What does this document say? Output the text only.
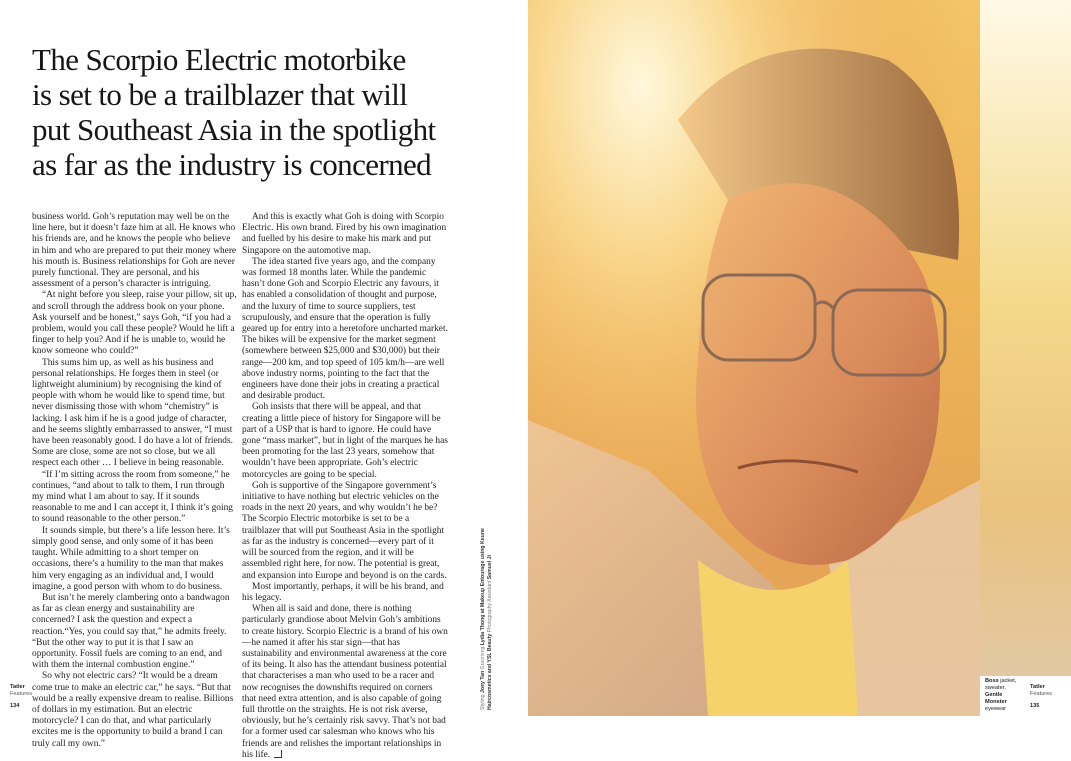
The Scorpio Electric motorbike
is set to be a trailblazer that will
put Southeast Asia in the spotlight
as far as the industry is concerned

business world. Goh’s reputation may well be on the line here, but it doesn’t faze him at all. He knows who his friends are, and he knows the people who believe in him and who are prepared to put their money where his mouth is. Business relationships for Goh are never purely functional. They are personal, and his assessment of a person’s character is intriguing.

“At night before you sleep, raise your pillow, sit up, and scroll through the address book on your phone. Ask yourself and be honest,” says Goh, “if you had a problem, would you call these people? Would he lift a finger to help you? And if he is unable to, would he know someone who could?”

This sums him up, as well as his business and personal relationships. He forges them in steel (or lightweight aluminium) by recognising the kind of people with whom he would like to spend time, but never dismissing those with whom “chemistry” is lacking. I ask him if he is a good judge of character, and he seems slightly embarrassed to answer, “I must have been reasonably good. I do have a lot of friends. Some are close, some are not so close, but we all respect each other … I believe in being reasonable.

“If I’m sitting across the room from someone,” he continues, “and about to talk to them, I run through my mind what I am about to say. If it sounds reasonable to me and I can accept it, I think it’s going to sound reasonable to the other person.”

It sounds simple, but there’s a life lesson here. It’s simply good sense, and only some of it has been taught. While admitting to a short temper on occasions, there’s a humility to the man that makes him very engaging as an individual and, I would imagine, a good person with whom to do business.

But isn’t he merely clambering onto a bandwagon as far as clean energy and sustainability are concerned? I ask the question and expect a reaction.“Yes, you could say that,” he admits freely. “But the other way to put it is that I saw an opportunity. Fossil fuels are coming to an end, and with them the internal combustion engine.”

So why not electric cars? “It would be a dream come true to make an electric car,” he says. “But that would be a really expensive dream to realise. Billions of dollars in my estimation. But an electric motorcycle? I can do that, and what particularly excites me is the opportunity to build a brand I can truly call my own.”

And this is exactly what Goh is doing with Scorpio Electric. His own brand. Fired by his own imagination and fuelled by his desire to make his mark and put Singapore on the automotive map.

The idea started five years ago, and the company was formed 18 months later. While the pandemic hasn’t done Goh and Scorpio Electric any favours, it has enabled a consolidation of thought and purpose, and the luxury of time to source suppliers, test scrupulously, and ensure that the operation is fully geared up for entry into a heretofore uncharted market. The bikes will be expensive for the market segment (somewhere between $25,000 and $30,000) but their range—200 km, and top speed of 105 km/h—are well above industry norms, pointing to the fact that the engineers have done their jobs in creating a practical and desirable product.

Goh insists that there will be appeal, and that creating a little piece of history for Singapore will be part of a USP that is hard to ignore. He could have gone “mass market”, but in light of the marques he has been promoting for the last 23 years, somehow that wouldn’t have been appropriate. Goh’s electric motorcycles are going to be special.

Goh is supportive of the Singapore government’s initiative to have nothing but electric vehicles on the roads in the next 20 years, and why wouldn’t he be? The Scorpio Electric motorbike is set to be a trailblazer that will put Southeast Asia in the spotlight as far as the industry is concerned—every part of it will be sourced from the region, and it will be assembled right here, for now. The potential is great, and expansion into Europe and beyond is on the cards.

Most importantly, perhaps, it will be his brand, and his legacy.

When all is said and done, there is nothing particularly grandiose about Melvin Goh’s ambitions to create history. Scorpio Electric is a brand of his own—he named it after his star sign—that has sustainability and environmental awareness at the core of its being. It also has the attendant business potential that characterises a man who used to be a racer and now recognises the downshifts required on corners that need extra attention, and is also capable of going full throttle on the straights. He is not risk averse, obviously, but he’s certainly risk savvy. That’s not bad for a former used car salesman who knows who his friends are and relishes the important relationships in his life.

Tatler
Features
134	Styling Joey Tan Grooming Lydia Thong at Makeup Entourage using Keune
Haircosmetics and YSL Beauty Photography Assistant Samuel Ji
Boss jacket,
sweater,
Gentle
Monster
eyewear
Tatler
Features
135
